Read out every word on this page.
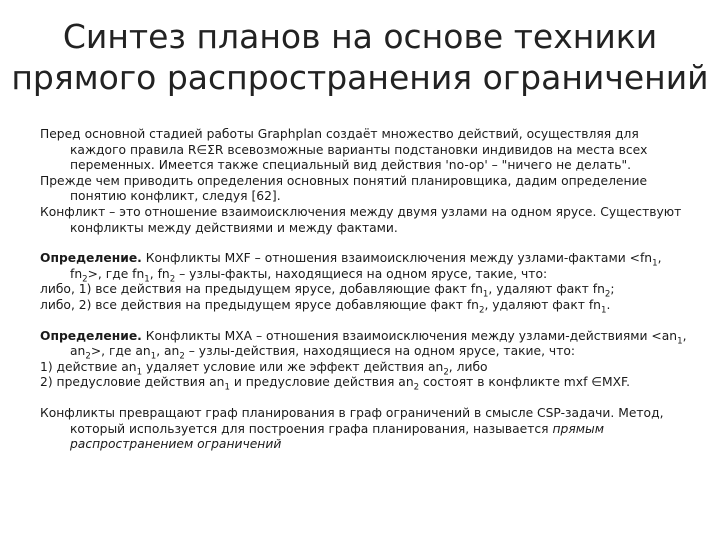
Синтез планов на основе техники
прямого распространения ограничений

Перед основной стадией работы Graphplan создаёт множество действий, осуществляя для каждого правила R∈ΣR всевозможные варианты подстановки индивидов на места всех переменных. Имеется также специальный вид действия 'no-op' – "ничего не делать".

Прежде чем приводить определения основных понятий планировщика, дадим определение понятию конфликт, следуя [62].

Конфликт – это отношение взаимоисключения между двумя узлами на одном ярусе. Существуют конфликты между действиями и между фактами.

Определение. Конфликты MXF – отношения взаимоисключения между узлами-фактами $<fn_1$, $fn_2>$, где $fn_1$, $fn_2$ – узлы-факты, находящиеся на одном ярусе, такие, что:

либо, 1) все действия на предыдущем ярусе, добавляющие факт $fn_1$, удаляют факт $fn_2$;

либо, 2) все действия на предыдущем ярусе добавляющие факт $fn_2$, удаляют факт $fn_1$.

Определение. Конфликты MXA – отношения взаимоисключения между узлами-действиями $<an_1$, $an_2>$, где $an_1$, $an_2$ – узлы-действия, находящиеся на одном ярусе, такие, что:

1) действие $an_1$ удаляет условие или же эффект действия $an_2$, либо

2) предусловие действия $an_1$ и предусловие действия $an_2$ состоят в конфликте mxf ∈MXF.

Конфликты превращают граф планирования в граф ограничений в смысле CSP-задачи. Метод, который используется для построения графа планирования, называется прямым распространением ограничений
